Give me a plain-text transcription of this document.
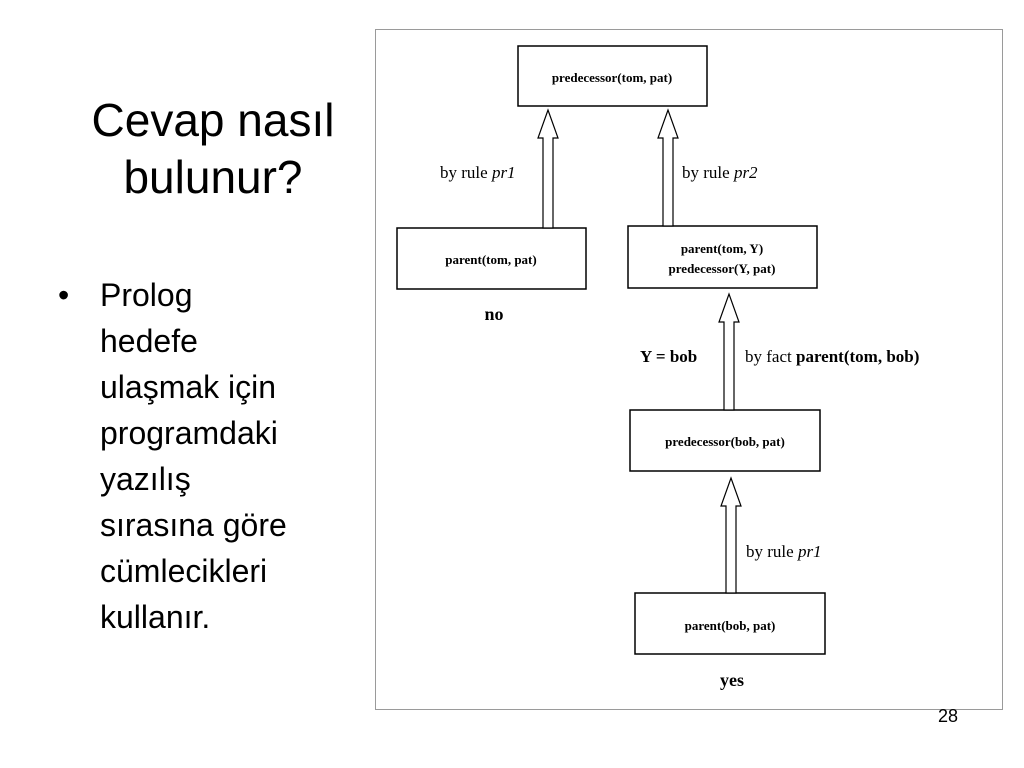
Cevap nasıl
bulunur?
• Prolog
hedefe
ulaşmak için
programdaki
yazılış
sırasına göre
cümlecikleri
kullanır.
predecessor(tom, pat)
parent(tom, pat)
parent(tom, Y)
predecessor(Y, pat)
predecessor(bob, pat)
parent(bob, pat)
by rule pr1	by rule pr2
Y = bob	by fact parent(tom, bob)
by rule pr1
no
yes
28
